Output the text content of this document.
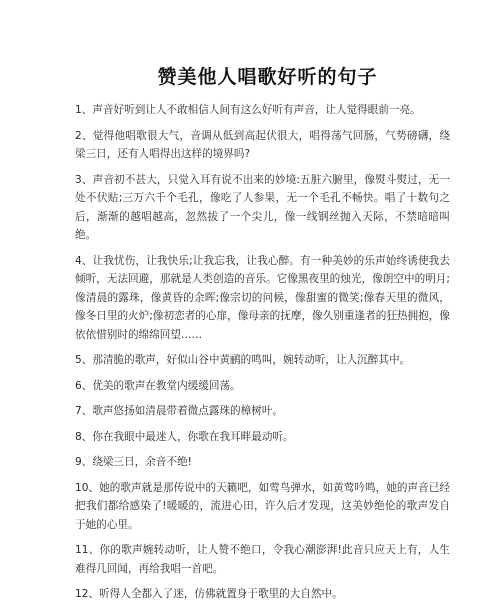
赞美他人唱歌好听的句子
1、声音好听到让人不敢相信人间有这么好听有声音，让人觉得眼前一亮。
2、觉得他唱歌很大气，音调从低到高起伏很大，唱得荡气回肠，气势磅礴，绕梁三日，还有人唱得出这样的境界吗?
3、声音初不甚大，只觉入耳有说不出来的妙境:五脏六腑里，像熨斗熨过，无一处不伏贴;三万六千个毛孔，像吃了人参果，无一个毛孔不畅快。唱了十数句之后，渐渐的越唱越高，忽然拔了一个尖儿，像一线钢丝抛入天际，不禁暗暗叫绝。
4、让我忧伤，让我快乐;让我忘我，让我心醉。有一种美妙的乐声始终诱使我去倾听，无法回避，那就是人类创造的音乐。它像黑夜里的烛光，像朗空中的明月;像清晨的露珠，像黄昏的余晖;像宗切的问候，像甜蜜的微笑;像春天里的微风，像冬日里的火炉;像初恋者的心扉，像母亲的抚摩，像久别重逢者的狂热拥抱，像依依惜别时的绵绵回望……
5、那清脆的歌声，好似山谷中黄鹂的鸣叫，婉转动听，让人沉醉其中。
6、优美的歌声在教堂内缓缓回荡。
7、歌声悠扬如清晨带着微点露珠的樟树叶。
8、你在我眼中最迷人，你歌在我耳畔最动听。
9、绕梁三日，余音不绝!
10、她的歌声就是那传说中的天籁吧，如莺鸟弹水，如黄莺吟鸣，她的声音已经把我们都给感染了!暖暖的，流进心田，许久后才发现，这美妙绝伦的歌声发自于她的心里。
11、你的歌声婉转动听，让人赞不绝口，令我心潮澎湃!此音只应天上有，人生难得几回闻，再给我唱一首吧。
12、听得人全都入了迷，仿佛就置身于歌里的大自然中。
